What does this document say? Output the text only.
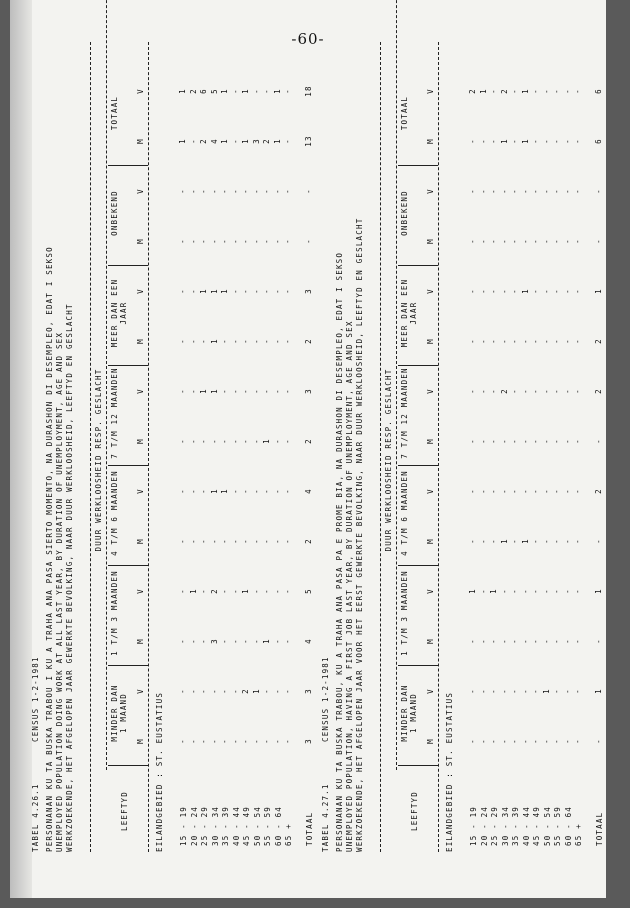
-60-
TABEL 4.26.1
CENSUS 1-2-1981 PERSONANAN KU TA BUSKA TRABOU I KU A TRAHA ANA PASA SIERTO MOMENTO, NA DURASHON DI DESEMPLEO, EDAT I SEKSO UNEMPLOYED POPULATION DOING WORK AT ALL LAST YEAR, BY DURATION OF UNEMPLOYMENT, AGE AND SEX WERKZOEKENDE, HET AFGELOPEN JAAR GEWERKTE BEVOLKING, NAAR DUUR WERKLOOSHEID, LEEFTYD EN GESLACHT	DUUR WERKLOOSHEID RESP. GESLACHT
LEEFTYD
MINDER DAN
1 MAAND
M
V
1 T/M 3 MAANDEN M
V
4 T/M 6 MAANDEN M
V
7 T/M 12 MAANDEN M
V
MEER DAN EEN
JAAR
M
V
ONBEKEND
M
V
TOTAAL
M
V
EILANDGEBIED : ST. EUSTATIUS 15 - 19
-
-
-
-
-
-
-
-
-
-
-
-
1
1
20 - 24
-
-
-
1
-
-
-
-
-
-
-
-
-
2
25 - 29
-
-
-
-
-
-
-
1
-
1
-
-
2
6
30 - 34
-
-
3
2
-
1
-
1
1
1
-
-
4
5
35 - 39
-
-
-
-
-
1
-
-
-
1
-
-
1
1
40 - 44
-
-
-
-
-
-
-
-
-
-
-
-
-
-
45 - 49
-
2
-
1
-
-
-
-
-
-
-
-
1
1
50 - 54
-
1
-
-
-
-
-
-
-
-
-
-
3
-
55 - 59
-
-
1
-
-
-
1
-
-
-
-
-
2
-
60 - 64
-
-
-
-
-
-
-
-
-
-
-
-
1
1
65 +
-
-
-
-
-
-
-
-
-
-
-
-
-
-
TOTAAL
3
3
4
5
2
4
2
3
2
3
-
-
13
18
TABEL 4.27.1
CENSUS 1-2-1981 PERSONANAN KU TA BUSKA TRABOU, KU A TRAHA ANA PASA PA E PROME BIA, NA DURASHON DI DESEMPLEO, EDAT I SEKSO UNEMPLOYED POPULATION, HAVING A FIRST JOB LAST YEAR, BY DURATION OF UNEMPLOYMENT, AGE AND SEX WERKZOEKENDE, HET AFGELOPEN JAAR VOOR HET EERST GEWERKTE BEVOLKING, NAAR DUUR WERKLOOSHEID, LEEFTYD EN GESLACHT	DUUR WERKLOOSHEID RESP. GESLACHT
LEEFTYD
MINDER DAN
1 MAAND
M
V
1 T/M 3 MAANDEN M
V
4 T/M 6 MAANDEN M
V
7 T/M 12 MAANDEN M
V
MEER DAN EEN
JAAR
M
V
ONBEKEND
M
V
TOTAAL
M
V
EILANDGEBIED : ST. EUSTATIUS 15 - 19
-
-
-
1
-
-
-
-
-
-
-
-
-
2
20 - 24
-
-
-
-
-
-
-
-
-
-
-
-
-
1
25 - 29
-
-
-
1
-
-
-
-
-
-
-
-
-
-
30 - 34
-
-
-
-
1
-
-
2
-
-
-
-
1
2
35 - 39
-
-
-
-
-
-
-
-
-
-
-
-
-
-
40 - 44
-
-
-
-
1
-
-
-
-
1
-
-
1
1
45 - 49
-
-
-
-
-
-
-
-
-
-
-
-
-
-
50 - 54
-
1
-
-
-
-
-
-
-
-
-
-
-
-
55 - 59
-
-
-
-
-
-
-
-
-
-
-
-
-
-
60 - 64
-
-
-
-
-
-
-
-
-
-
-
-
-
-
65 +
-
-
-
-
-
-
-
-
-
-
-
-
-
-
TOTAAL
-
1
-
1
-
2
-
2
2
1
-
-
6
6
